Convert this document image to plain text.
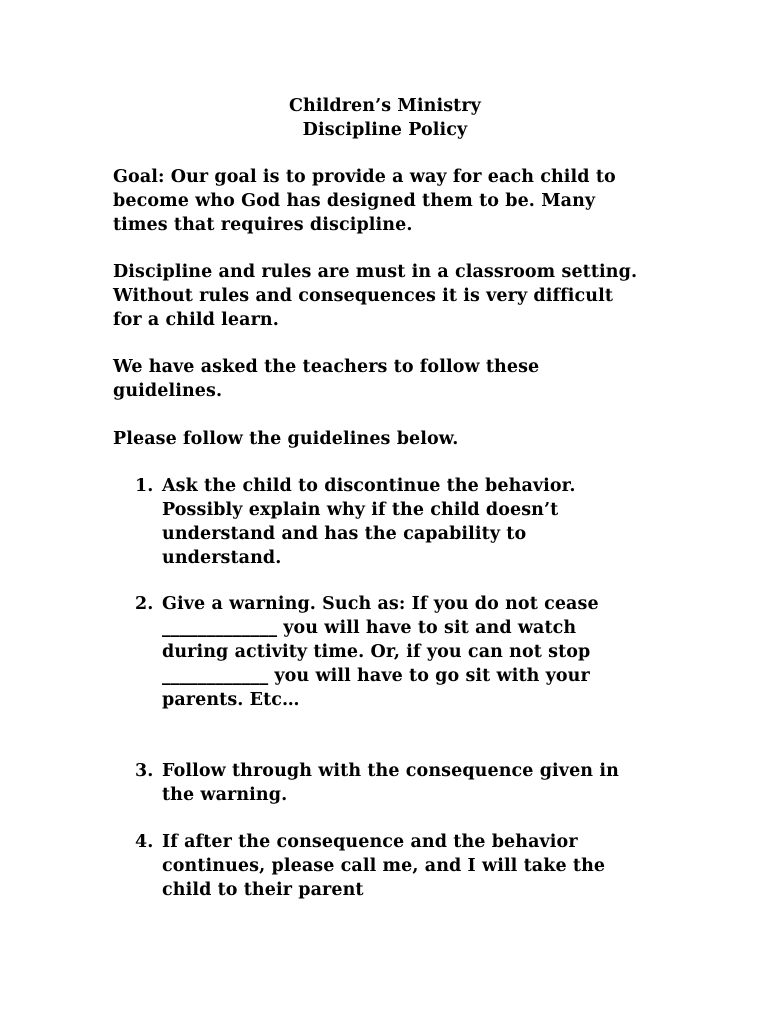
Children’s Ministry
Discipline Policy
Goal: Our goal is to provide a way for each child to
become who God has designed them to be. Many
times that requires discipline.
Discipline and rules are must in a classroom setting.
Without rules and consequences it is very difficult
for a child learn.
We have asked the teachers to follow these
guidelines.
Please follow the guidelines below.
1. Ask the child to discontinue the behavior.
Possibly explain why if the child doesn’t
understand and has the capability to
understand.
2. Give a warning. Such as: If you do not cease
_____________ you will have to sit and watch
during activity time. Or, if you can not stop
____________ you will have to go sit with your
parents. Etc…
3. Follow through with the consequence given in
the warning.
4. If after the consequence and the behavior
continues, please call me, and I will take the
child to their parent
